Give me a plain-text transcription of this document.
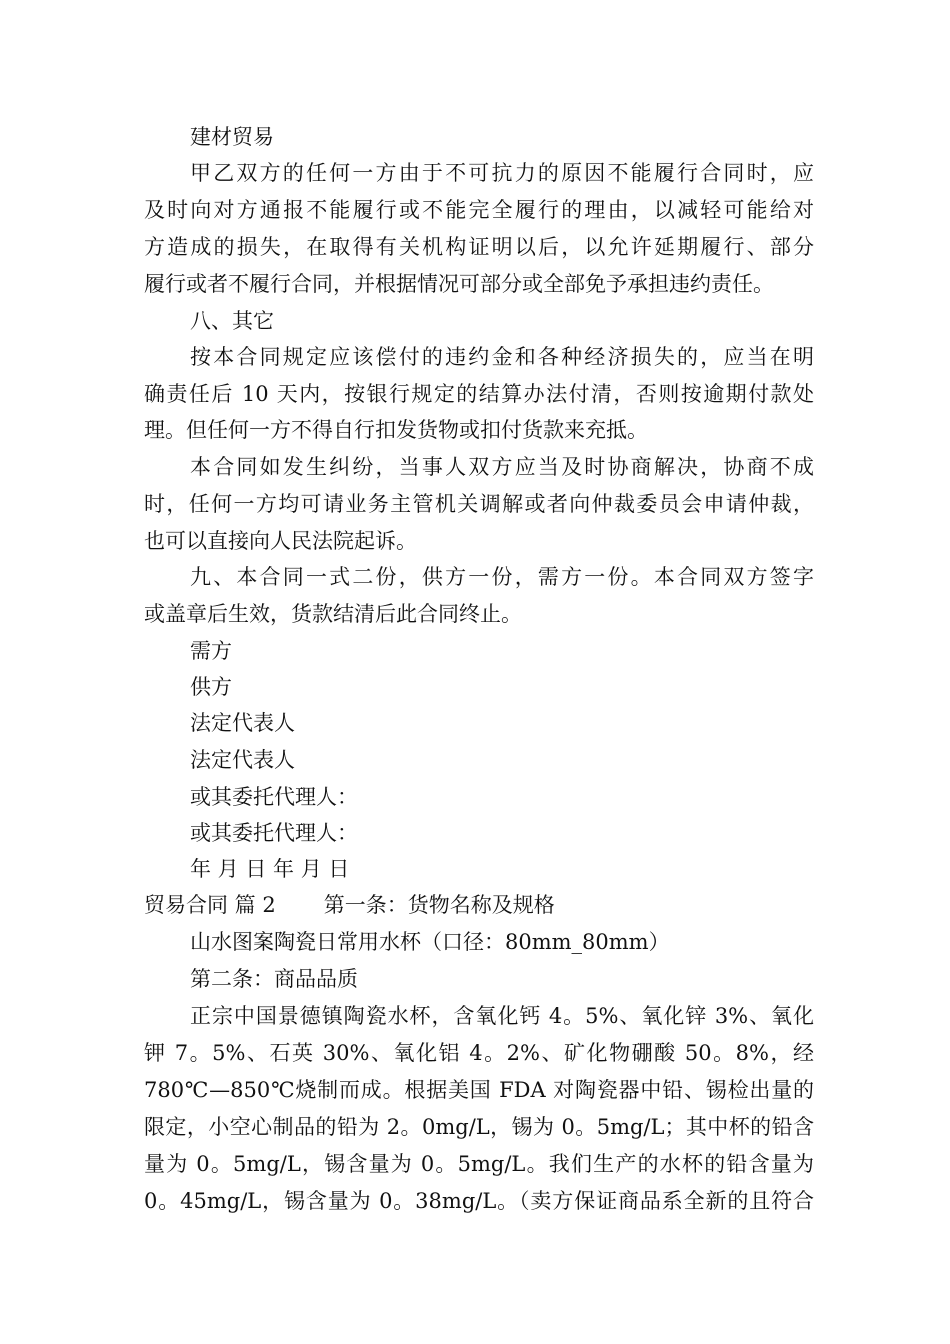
建材贸易
甲乙双方的任何一方由于不可抗力的原因不能履行合同时，应
及时向对方通报不能履行或不能完全履行的理由，以减轻可能给对
方造成的损失，在取得有关机构证明以后，以允许延期履行、部分
履行或者不履行合同，并根据情况可部分或全部免予承担违约责任。
八、其它
按本合同规定应该偿付的违约金和各种经济损失的，应当在明
确责任后 10 天内，按银行规定的结算办法付清，否则按逾期付款处
理。但任何一方不得自行扣发货物或扣付货款来充抵。
本合同如发生纠纷，当事人双方应当及时协商解决，协商不成
时，任何一方均可请业务主管机关调解或者向仲裁委员会申请仲裁，
也可以直接向人民法院起诉。
九、本合同一式二份，供方一份，需方一份。本合同双方签字
或盖章后生效，货款结清后此合同终止。
需方
供方
法定代表人
法定代表人
或其委托代理人：
或其委托代理人：
年 月 日 年 月 日
贸易合同 篇 2 第一条：货物名称及规格
山水图案陶瓷日常用水杯（口径：80mm_80mm）
第二条：商品品质
正宗中国景德镇陶瓷水杯，含氧化钙 4。5%、氧化锌 3%、氧化
钾 7。5%、石英 30%、氧化铝 4。2%、矿化物硼酸 50。8%，经
780℃—850℃烧制而成。根据美国 FDA 对陶瓷器中铅、锡检出量的
限定，小空心制品的铅为 2。0mg/L，锡为 0。5mg/L；其中杯的铅含
量为 0。5mg/L，锡含量为 0。5mg/L。我们生产的水杯的铅含量为
0。45mg/L，锡含量为 0。38mg/L。（卖方保证商品系全新的且符合
